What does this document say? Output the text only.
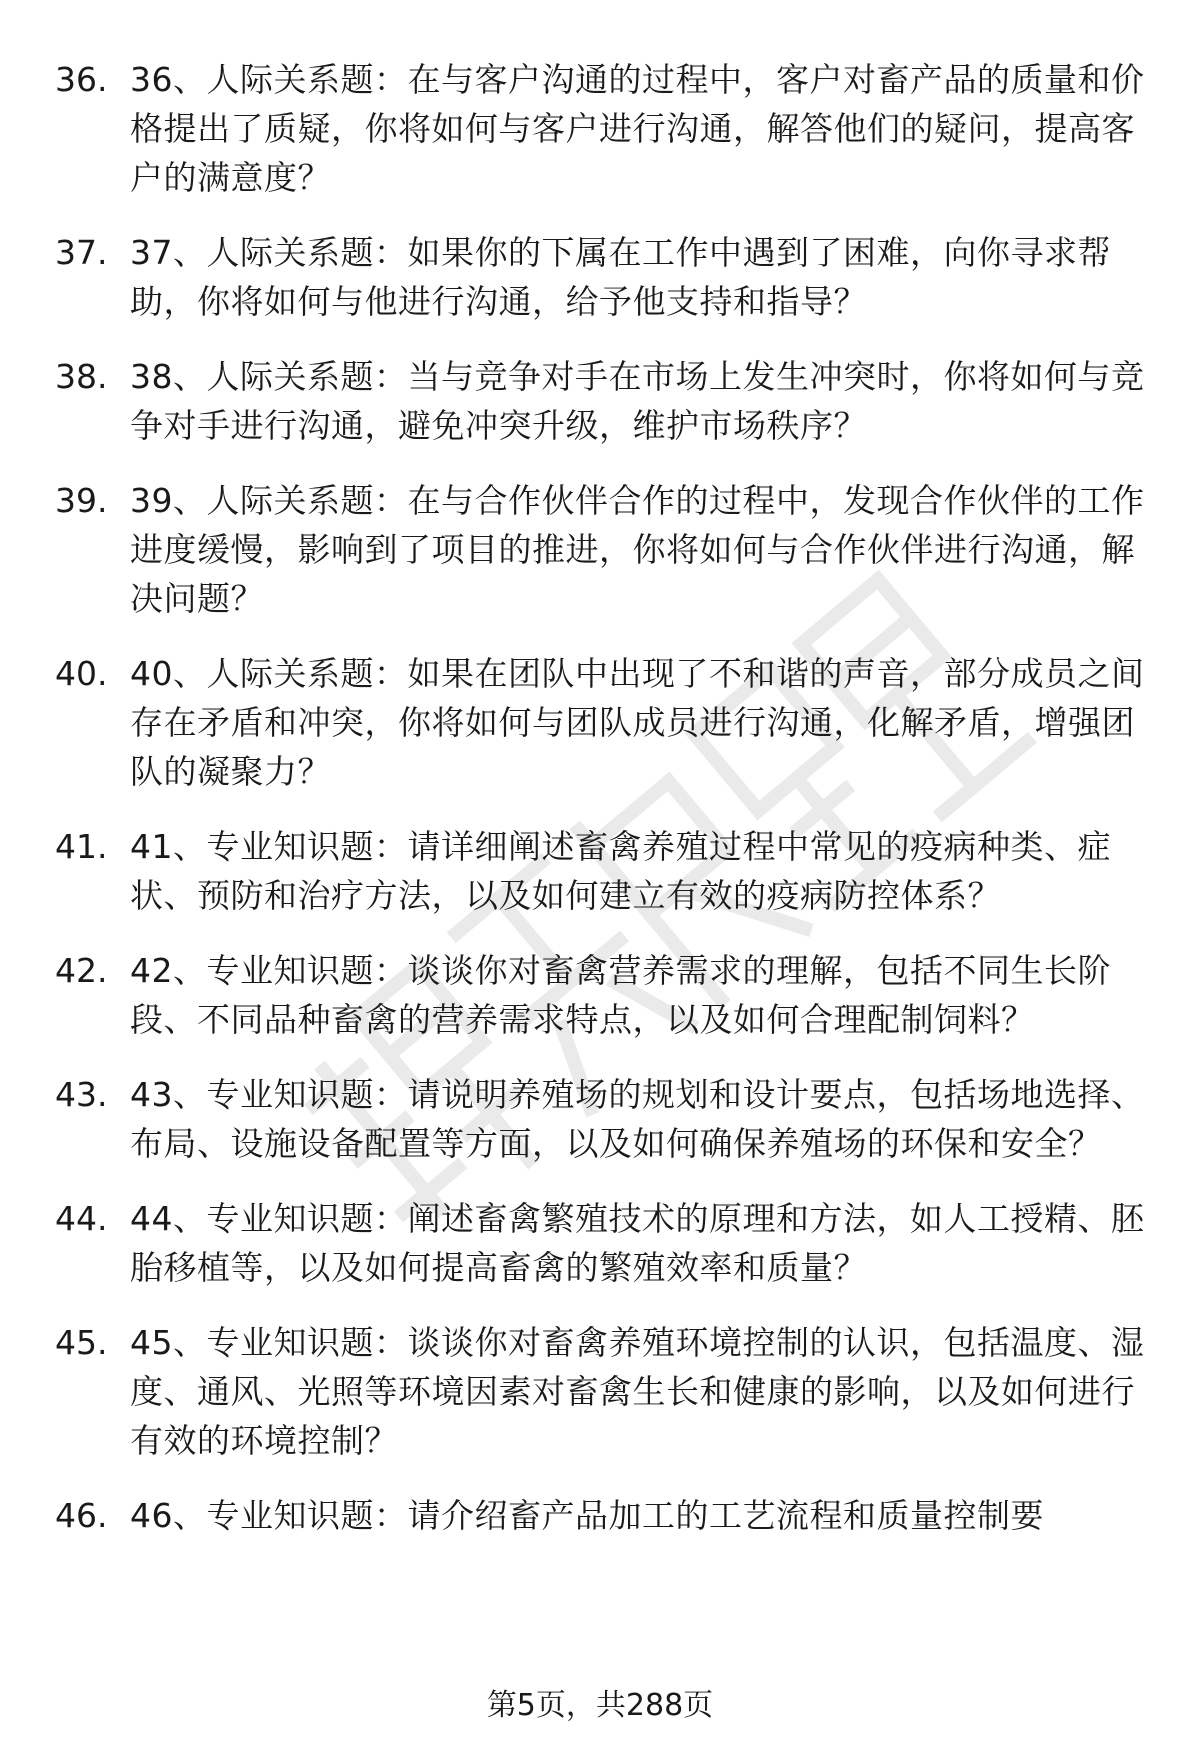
36. 36、人际关系题：在与客户沟通的过程中，客户对畜产品的质量和价格提出了质疑，你将如何与客户进行沟通，解答他们的疑问，提高客户的满意度？
37. 37、人际关系题：如果你的下属在工作中遇到了困难，向你寻求帮助，你将如何与他进行沟通，给予他支持和指导？
38. 38、人际关系题：当与竞争对手在市场上发生冲突时，你将如何与竞争对手进行沟通，避免冲突升级，维护市场秩序？
39. 39、人际关系题：在与合作伙伴合作的过程中，发现合作伙伴的工作进度缓慢，影响到了项目的推进，你将如何与合作伙伴进行沟通，解决问题？
40. 40、人际关系题：如果在团队中出现了不和谐的声音，部分成员之间存在矛盾和冲突，你将如何与团队成员进行沟通，化解矛盾，增强团队的凝聚力？
41. 41、专业知识题：请详细阐述畜禽养殖过程中常见的疫病种类、症状、预防和治疗方法，以及如何建立有效的疫病防控体系？
42. 42、专业知识题：谈谈你对畜禽营养需求的理解，包括不同生长阶段、不同品种畜禽的营养需求特点，以及如何合理配制饲料？
43. 43、专业知识题：请说明养殖场的规划和设计要点，包括场地选择、布局、设施设备配置等方面，以及如何确保养殖场的环保和安全？
44. 44、专业知识题：阐述畜禽繁殖技术的原理和方法，如人工授精、胚胎移植等，以及如何提高畜禽的繁殖效率和质量？
45. 45、专业知识题：谈谈你对畜禽养殖环境控制的认识，包括温度、湿度、通风、光照等环境因素对畜禽生长和健康的影响，以及如何进行有效的环境控制？
46. 46、专业知识题：请介绍畜产品加工的工艺流程和质量控制要
第5页，共288页
